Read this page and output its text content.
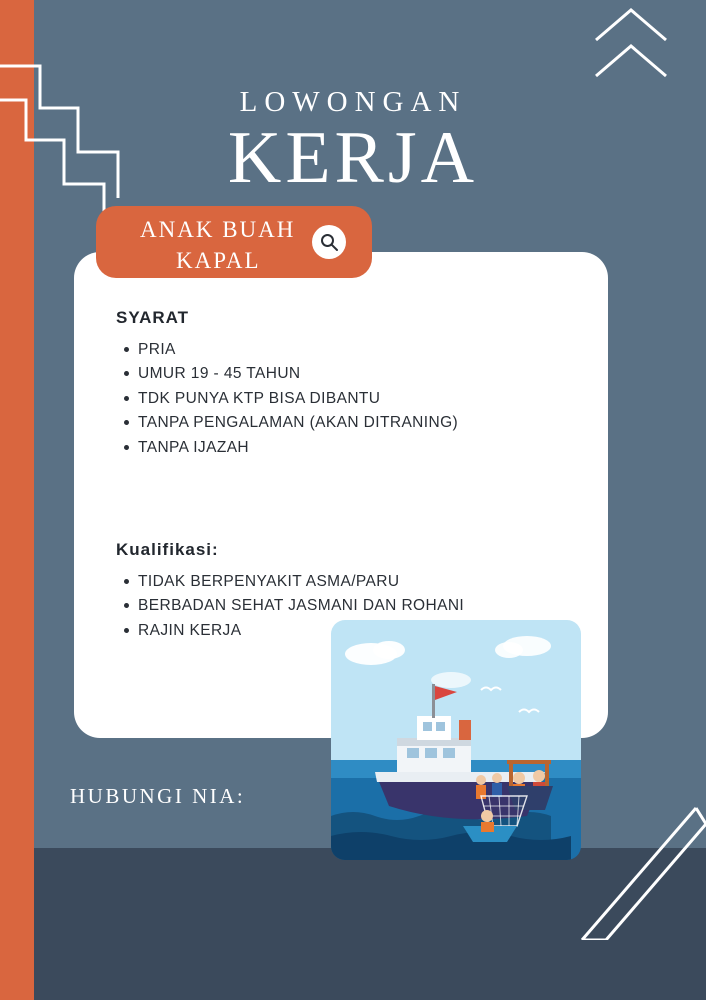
LOWONGAN
KERJA
SYARAT
PRIA
UMUR 19 - 45 TAHUN
TDK PUNYA KTP BISA DIBANTU
TANPA PENGALAMAN (AKAN DITRANING)
TANPA IJAZAH
Kualifikasi:
TIDAK BERPENYAKIT ASMA/PARU
BERBADAN SEHAT JASMANI DAN ROHANI
RAJIN KERJA
ANAK BUAH
KAPAL
HUBUNGI NIA:
